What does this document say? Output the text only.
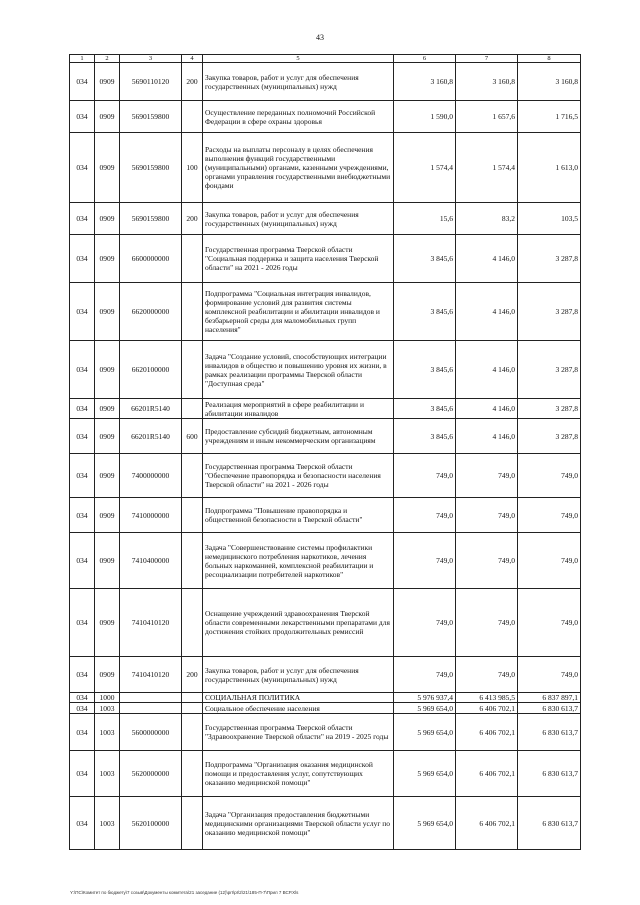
43
1	2	3	4	5	6	7	8
034	0909	5690110120	200	Закупка товаров, работ и услуг для обеспечения государственных (муниципальных) нужд	3 160,8	3 160,8	3 160,8
034	0909	5690159800		Осуществление переданных полномочий Российской Федерации в сфере охраны здоровья	1 590,0	1 657,6	1 716,5
034	0909	5690159800	100	Расходы на выплаты персоналу в целях обеспечения выполнения функций государственными (муниципальными) органами, казенными учреждениями, органами управления государственными внебюджетными фондами	1 574,4	1 574,4	1 613,0
034	0909	5690159800	200	Закупка товаров, работ и услуг для обеспечения государственных (муниципальных) нужд	15,6	83,2	103,5
034	0909	6600000000		Государственная программа Тверской области "Социальная поддержка и защита населения Тверской области" на 2021 - 2026 годы	3 845,6	4 146,0	3 287,8
034	0909	6620000000		Подпрограмма "Социальная интеграция инвалидов, формирование условий для развития системы комплексной реабилитации и абилитации инвалидов и безбарьерной среды для маломобильных групп населения"	3 845,6	4 146,0	3 287,8
034	0909	6620100000		Задача "Создание условий, способствующих интеграции инвалидов в общество и повышению уровня их жизни, в рамках реализации программы Тверской области "Доступная среда"	3 845,6	4 146,0	3 287,8
034	0909	66201R5140		Реализация мероприятий в сфере реабилитации и абилитации инвалидов	3 845,6	4 146,0	3 287,8
034	0909	66201R5140	600	Предоставление субсидий бюджетным, автономным учреждениям и иным некоммерческим организациям	3 845,6	4 146,0	3 287,8
034	0909	7400000000		Государственная программа Тверской области "Обеспечение правопорядка и безопасности населения Тверской области" на 2021 - 2026 годы	749,0	749,0	749,0
034	0909	7410000000		Подпрограмма "Повышение правопорядка и общественной безопасности в Тверской области"	749,0	749,0	749,0
034	0909	7410400000		Задача "Совершенствование системы профилактики немедицинского потребления наркотиков, лечения больных наркоманией, комплексной реабилитации и ресоциализации потребителей наркотиков"	749,0	749,0	749,0
034	0909	7410410120		Оснащение учреждений здравоохранения Тверской области современными лекарственными препаратами для достижения стойких продолжительных ремиссий	749,0	749,0	749,0
034	0909	7410410120	200	Закупка товаров, работ и услуг для обеспечения государственных (муниципальных) нужд	749,0	749,0	749,0
034	1000			СОЦИАЛЬНАЯ ПОЛИТИКА	5 976 937,4	6 413 985,5	6 837 897,1
034	1003			Социальное обеспечение населения	5 969 654,0	6 406 702,1	6 830 613,7
034	1003	5600000000		Государственная программа Тверской области "Здравоохранение Тверской области" на 2019 - 2025 годы	5 969 654,0	6 406 702,1	6 830 613,7
034	1003	5620000000		Подпрограмма "Организация оказания медицинской помощи и предоставления услуг, сопутствующих оказанию медицинской помощи"	5 969 654,0	6 406 702,1	6 830 613,7
034	1003	5620100000		Задача "Организация предоставления бюджетными медицинскими организациями Тверской области услуг по оказанию медицинской помощи"	5 969 654,0	6 406 702,1	6 830 613,7
Y:\ПС\Комитет по бюджету\7 созыв\Документы комитета\21 заседание (12)\prI\рI\2\21\185-П-7\Прил 7 ВСР.Xls
